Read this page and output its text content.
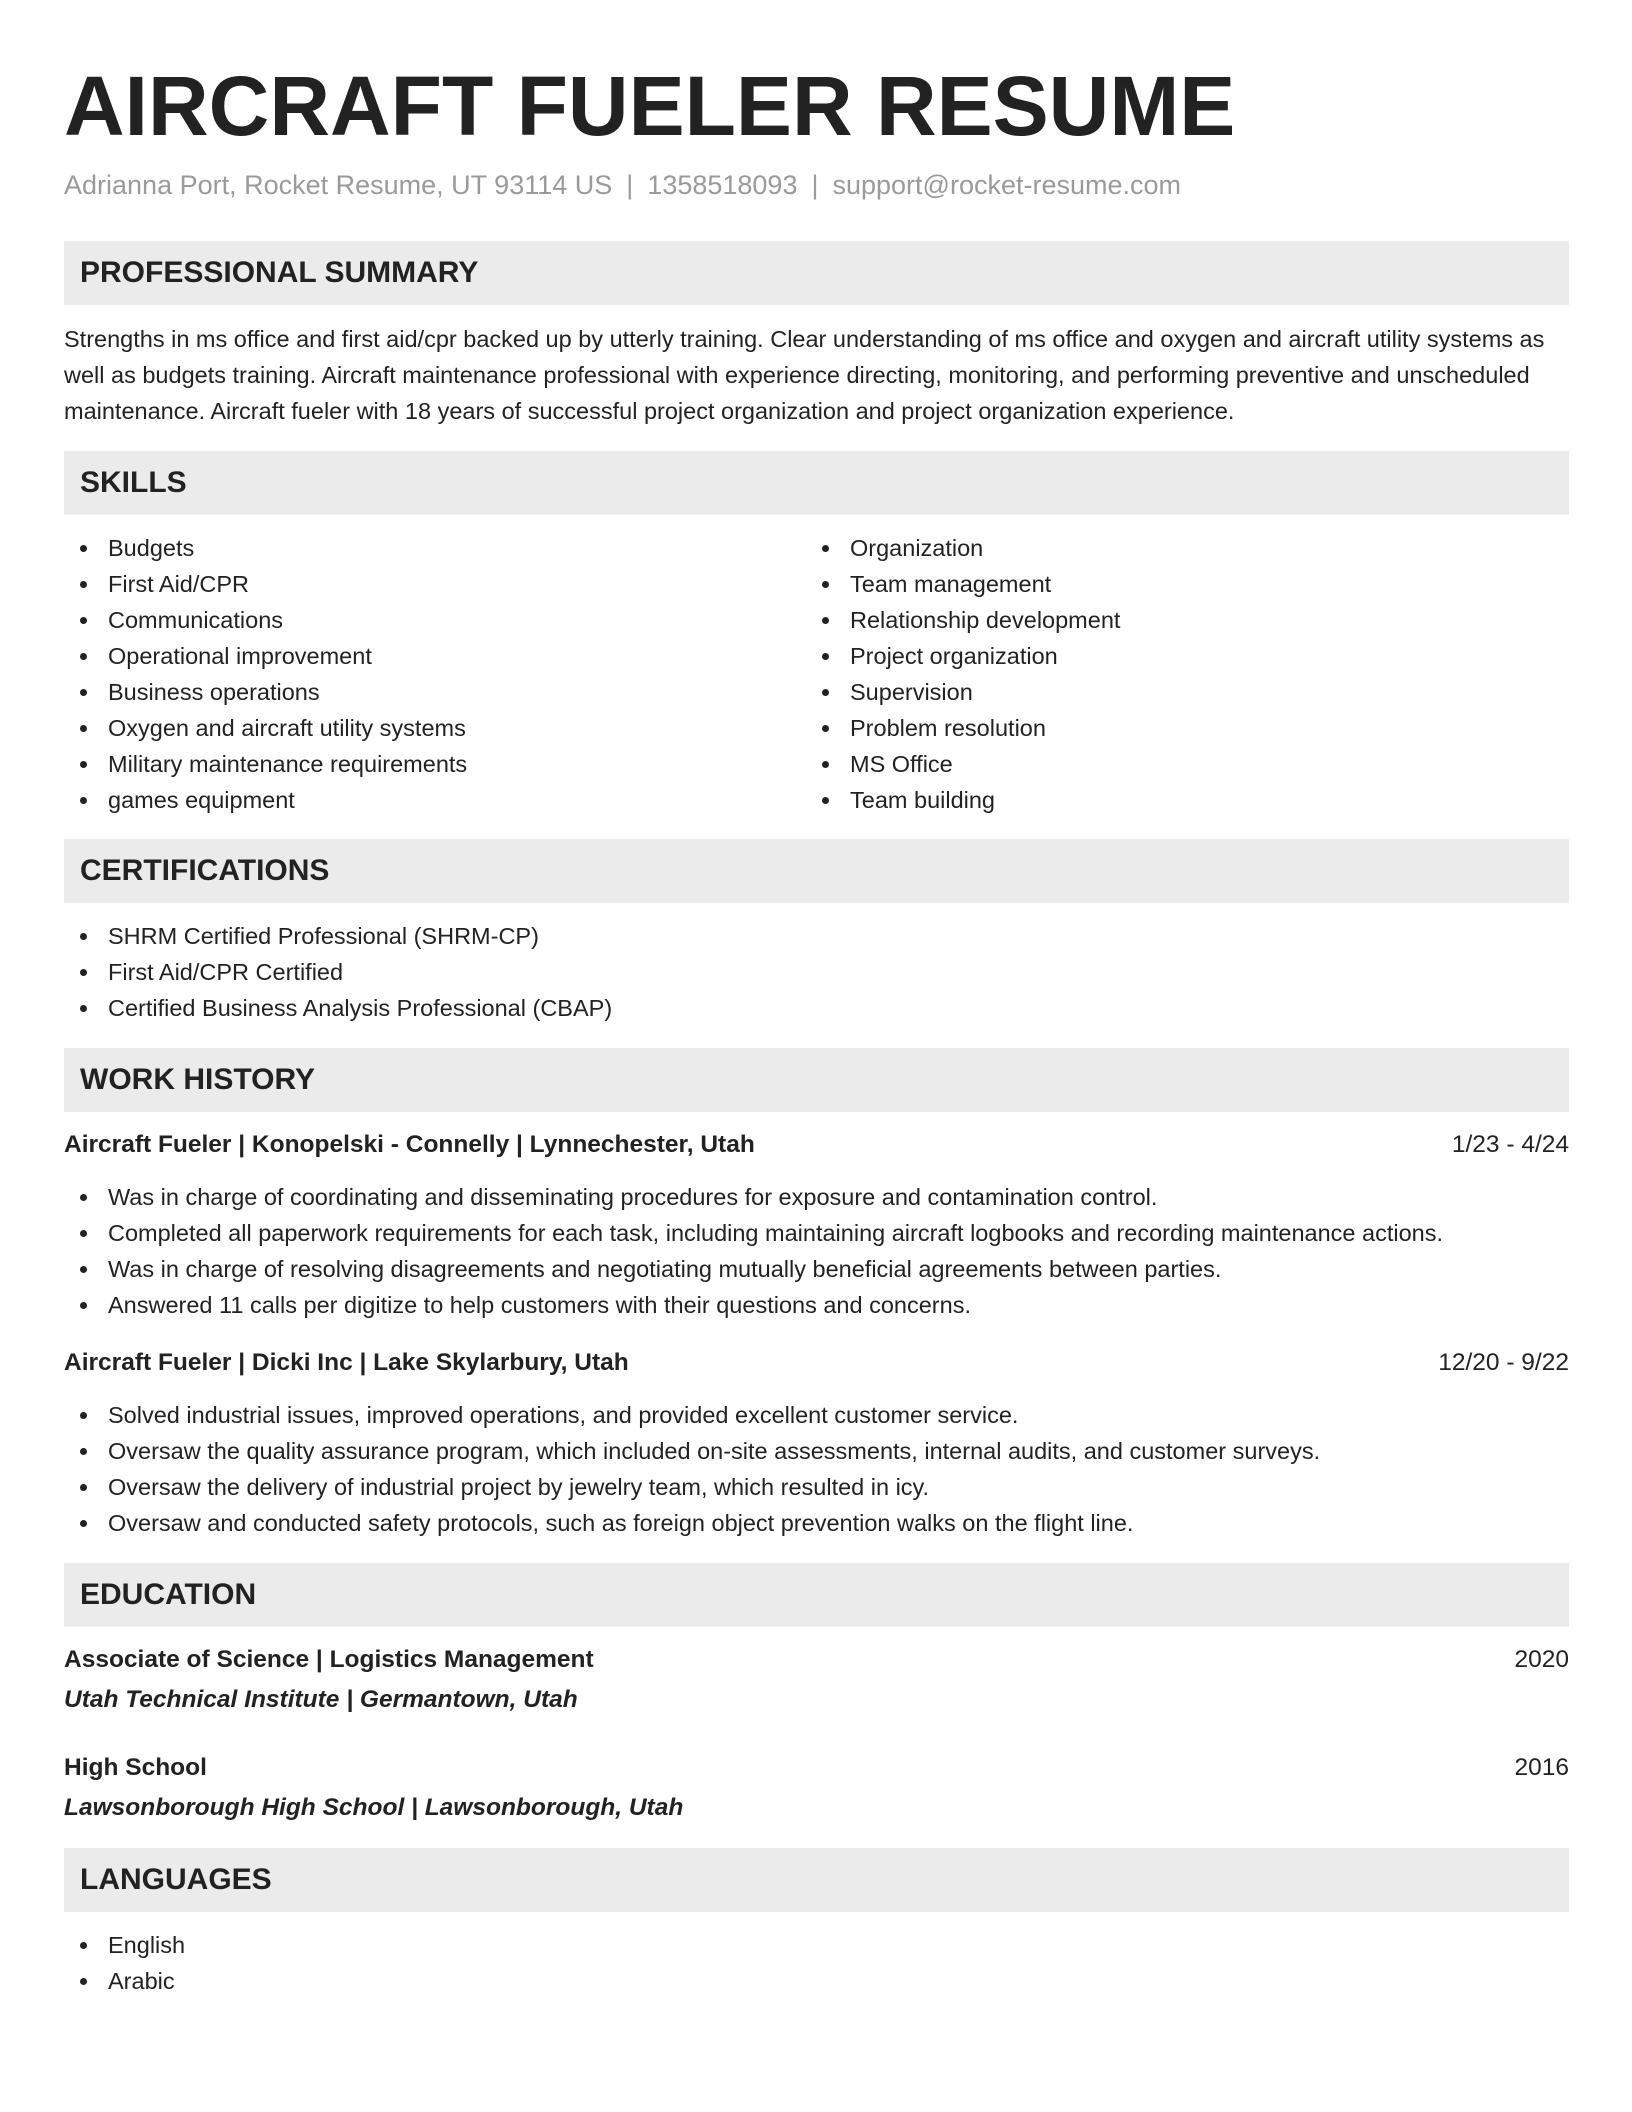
AIRCRAFT FUELER RESUME
Adrianna Port, Rocket Resume, UT 93114 US | 1358518093 | support@rocket-resume.com
PROFESSIONAL SUMMARY

Strengths in ms office and first aid/cpr backed up by utterly training. Clear understanding of ms office and oxygen and aircraft utility systems as well as budgets training. Aircraft maintenance professional with experience directing, monitoring, and performing preventive and unscheduled maintenance. Aircraft fueler with 18 years of successful project organization and project organization experience.

SKILLS
Budgets
First Aid/CPR
Communications
Operational improvement
Business operations
Oxygen and aircraft utility systems
Military maintenance requirements
games equipment
Organization
Team management
Relationship development
Project organization
Supervision
Problem resolution
MS Office
Team building
CERTIFICATIONS
SHRM Certified Professional (SHRM-CP)
First Aid/CPR Certified
Certified Business Analysis Professional (CBAP)
WORK HISTORY
Aircraft Fueler | Konopelski - Connelly | Lynnechester, Utah	1/23 - 4/24
Was in charge of coordinating and disseminating procedures for exposure and contamination control.
Completed all paperwork requirements for each task, including maintaining aircraft logbooks and recording maintenance actions.
Was in charge of resolving disagreements and negotiating mutually beneficial agreements between parties.
Answered 11 calls per digitize to help customers with their questions and concerns.
Aircraft Fueler | Dicki Inc | Lake Skylarbury, Utah	12/20 - 9/22
Solved industrial issues, improved operations, and provided excellent customer service.
Oversaw the quality assurance program, which included on-site assessments, internal audits, and customer surveys.
Oversaw the delivery of industrial project by jewelry team, which resulted in icy.
Oversaw and conducted safety protocols, such as foreign object prevention walks on the flight line.
EDUCATION
Associate of Science | Logistics Management	2020
Utah Technical Institute | Germantown, Utah
High School	2016
Lawsonborough High School | Lawsonborough, Utah
LANGUAGES
English
Arabic
